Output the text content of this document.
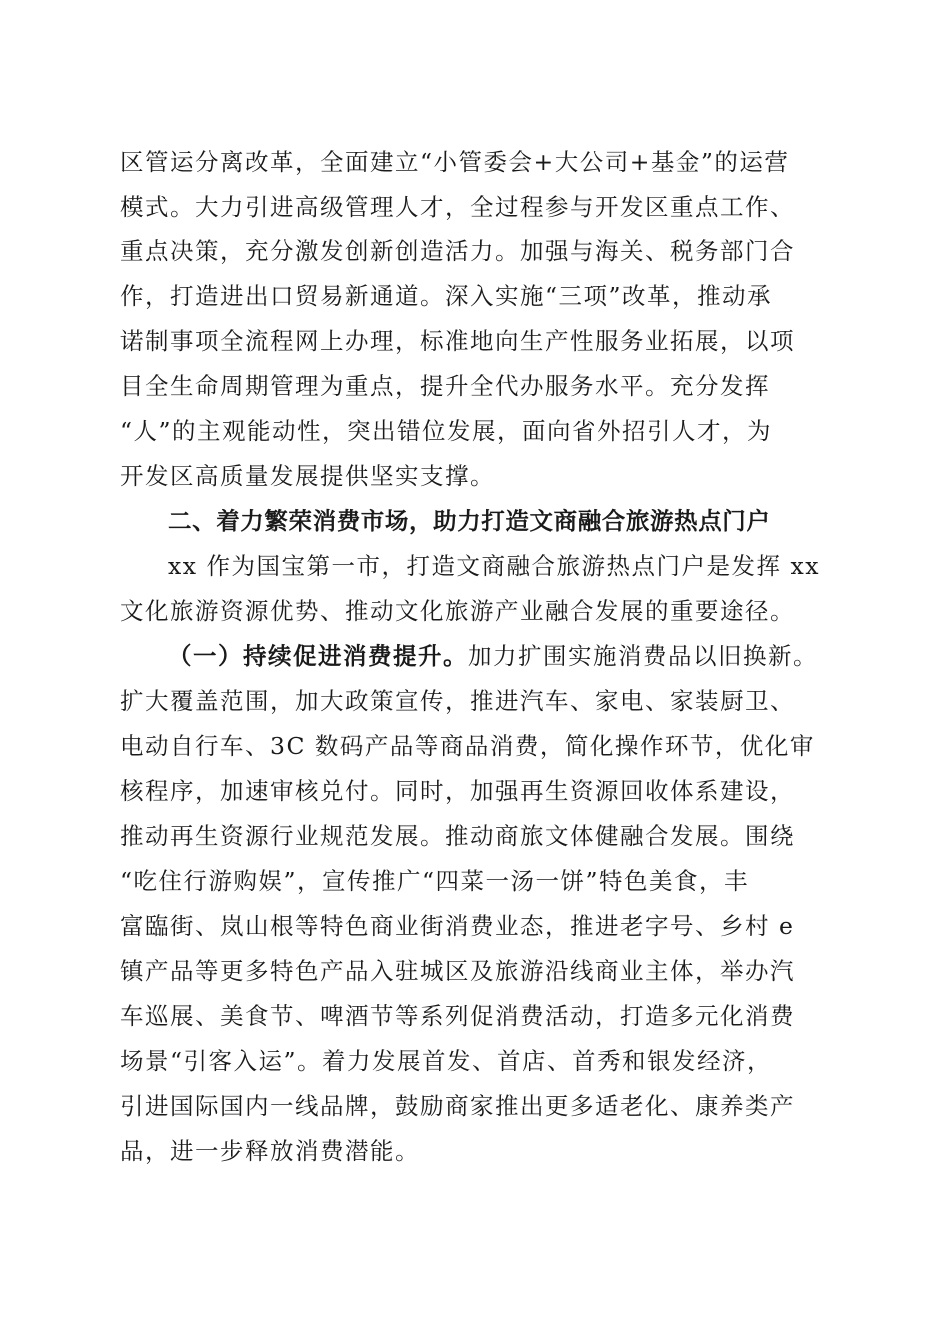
区管运分离改革，全面建立“小管委会+大公司+基金”的运营
模式。大力引进高级管理人才，全过程参与开发区重点工作、
重点决策，充分激发创新创造活力。加强与海关、税务部门合
作，打造进出口贸易新通道。深入实施“三项”改革，推动承
诺制事项全流程网上办理，标准地向生产性服务业拓展，以项
目全生命周期管理为重点，提升全代办服务水平。充分发挥
“人”的主观能动性，突出错位发展，面向省外招引人才，为
开发区高质量发展提供坚实支撑。
二、着力繁荣消费市场，助力打造文商融合旅游热点门户
xx 作为国宝第一市，打造文商融合旅游热点门户是发挥 xx
文化旅游资源优势、推动文化旅游产业融合发展的重要途径。
（一）持续促进消费提升。加力扩围实施消费品以旧换新。
扩大覆盖范围，加大政策宣传，推进汽车、家电、家装厨卫、
电动自行车、3C 数码产品等商品消费，简化操作环节，优化审
核程序，加速审核兑付。同时，加强再生资源回收体系建设，
推动再生资源行业规范发展。推动商旅文体健融合发展。围绕
“吃住行游购娱”，宣传推广“四菜一汤一饼”特色美食，丰
富臨街、岚山根等特色商业街消费业态，推进老字号、乡村 e
镇产品等更多特色产品入驻城区及旅游沿线商业主体，举办汽
车巡展、美食节、啤酒节等系列促消费活动，打造多元化消费
场景“引客入运”。着力发展首发、首店、首秀和银发经济，
引进国际国内一线品牌，鼓励商家推出更多适老化、康养类产
品，进一步释放消费潜能。
